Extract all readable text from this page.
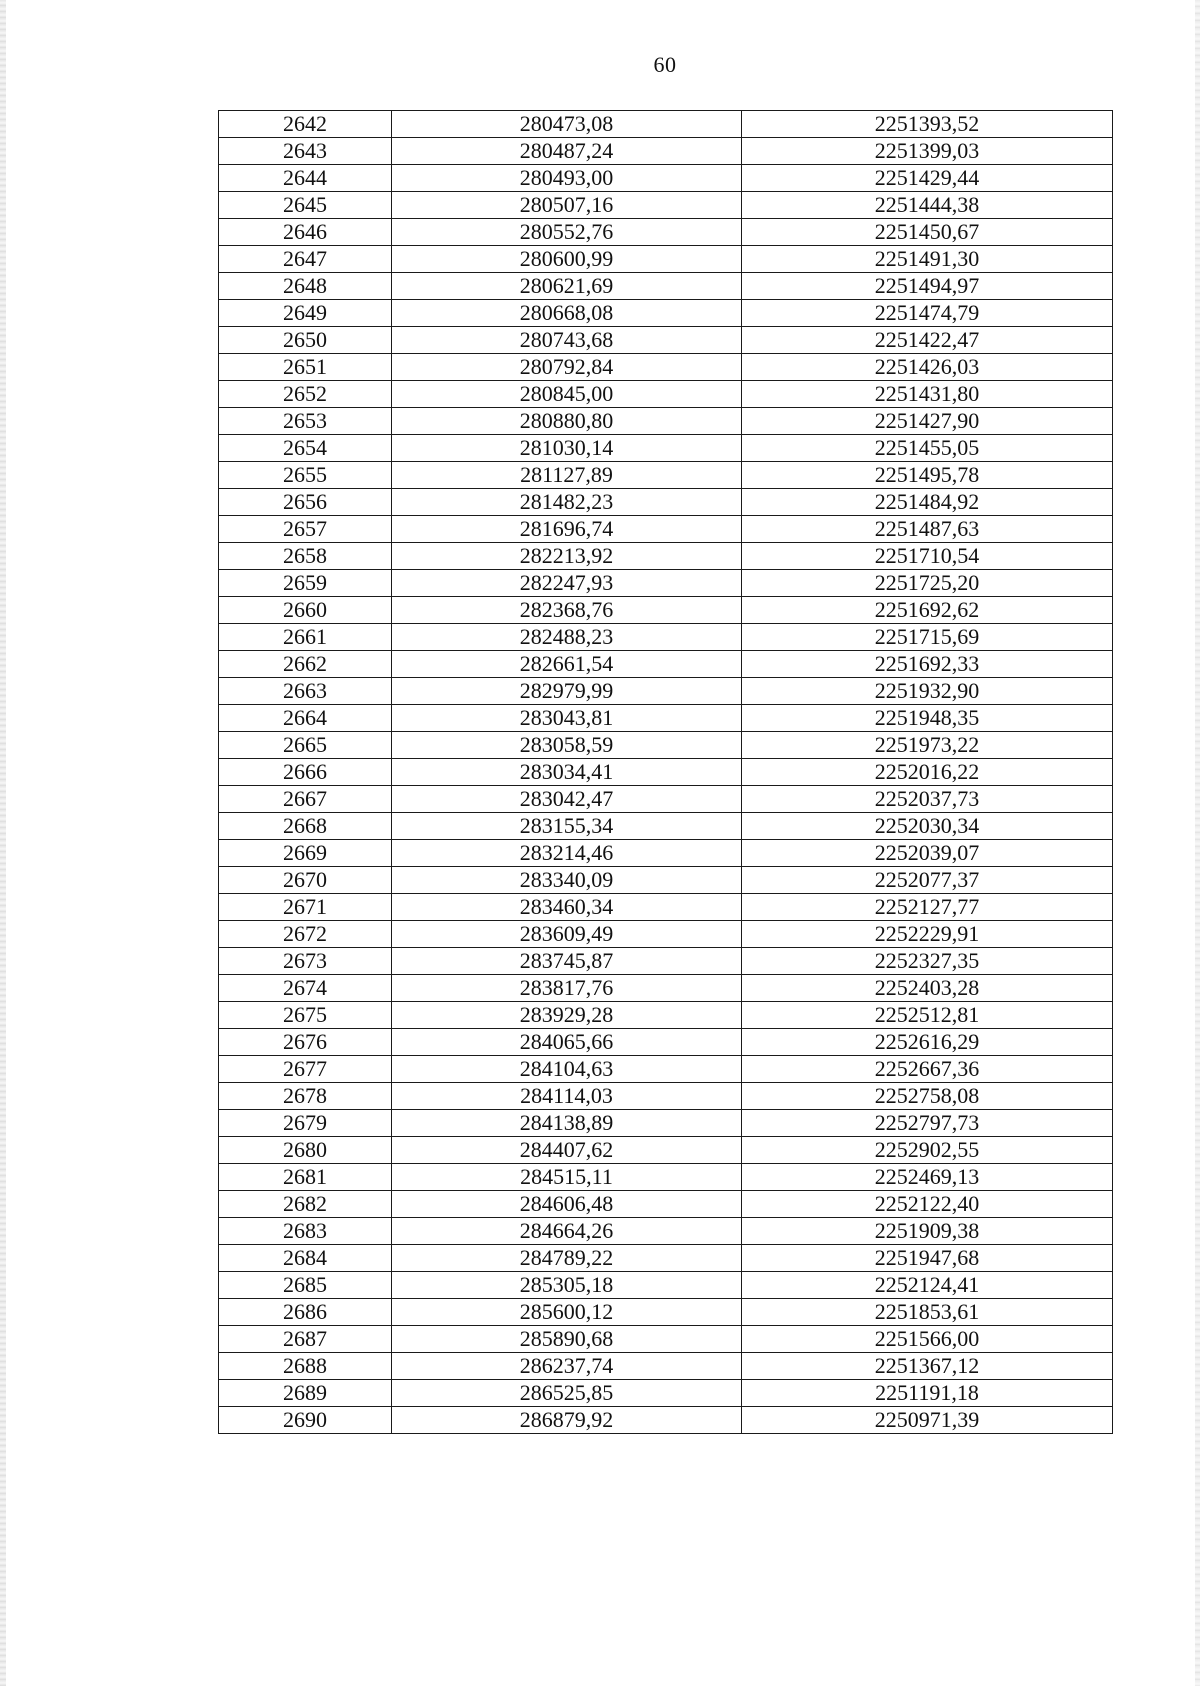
60
2642	280473,08	2251393,52
2643	280487,24	2251399,03
2644	280493,00	2251429,44
2645	280507,16	2251444,38
2646	280552,76	2251450,67
2647	280600,99	2251491,30
2648	280621,69	2251494,97
2649	280668,08	2251474,79
2650	280743,68	2251422,47
2651	280792,84	2251426,03
2652	280845,00	2251431,80
2653	280880,80	2251427,90
2654	281030,14	2251455,05
2655	281127,89	2251495,78
2656	281482,23	2251484,92
2657	281696,74	2251487,63
2658	282213,92	2251710,54
2659	282247,93	2251725,20
2660	282368,76	2251692,62
2661	282488,23	2251715,69
2662	282661,54	2251692,33
2663	282979,99	2251932,90
2664	283043,81	2251948,35
2665	283058,59	2251973,22
2666	283034,41	2252016,22
2667	283042,47	2252037,73
2668	283155,34	2252030,34
2669	283214,46	2252039,07
2670	283340,09	2252077,37
2671	283460,34	2252127,77
2672	283609,49	2252229,91
2673	283745,87	2252327,35
2674	283817,76	2252403,28
2675	283929,28	2252512,81
2676	284065,66	2252616,29
2677	284104,63	2252667,36
2678	284114,03	2252758,08
2679	284138,89	2252797,73
2680	284407,62	2252902,55
2681	284515,11	2252469,13
2682	284606,48	2252122,40
2683	284664,26	2251909,38
2684	284789,22	2251947,68
2685	285305,18	2252124,41
2686	285600,12	2251853,61
2687	285890,68	2251566,00
2688	286237,74	2251367,12
2689	286525,85	2251191,18
2690	286879,92	2250971,39
